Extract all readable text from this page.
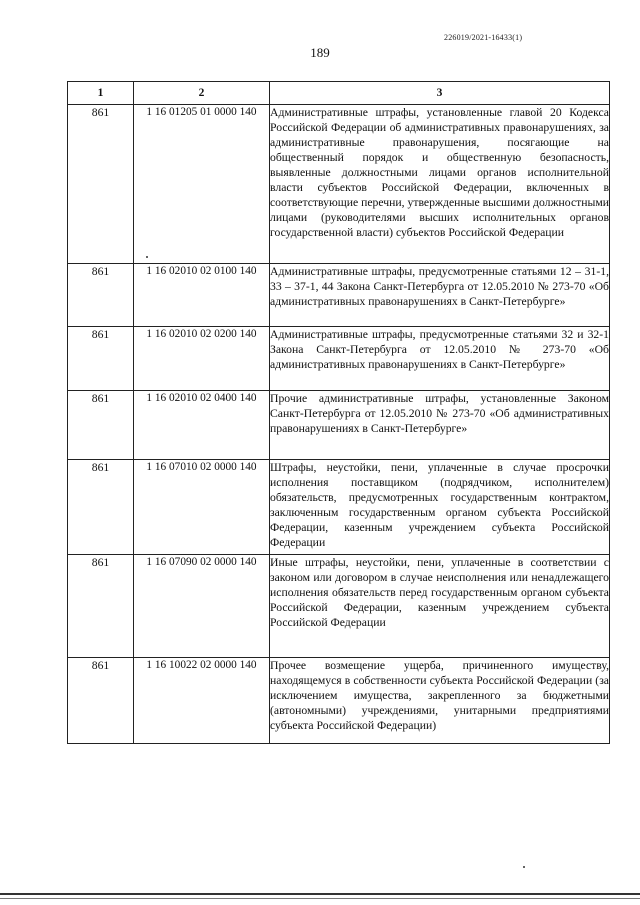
226019/2021-16433(1)
189
1	2	3
861	1 16 01205 01 0000 140	Административные штрафы, установленные главой 20 Кодекса Российской Федерации об административных правонарушениях, за административные правонарушения, посягающие на общественный порядок и общественную безопасность, выявленные должностными лицами органов исполнительной власти субъектов Российской Федерации, включенных в соответствующие перечни, утвержденные высшими должностными лицами (руководителями высших исполнительных органов государственной власти) субъектов Российской Федерации
861	1 16 02010 02 0100 140	Административные штрафы, предусмотренные статьями 12 – 31-1, 33 – 37-1, 44 Закона Санкт-Петербурга от 12.05.2010 № 273-70 «Об административных правонарушениях в Санкт-Петербурге»
861	1 16 02010 02 0200 140	Административные штрафы, предусмотренные статьями 32 и 32-1 Закона Санкт-Петербурга от 12.05.2010 № 273-70 «Об административных правонарушениях в Санкт-Петербурге»
861	1 16 02010 02 0400 140	Прочие административные штрафы, установленные Законом Санкт-Петербурга от 12.05.2010 № 273-70 «Об административных правонарушениях в Санкт-Петербурге»
861	1 16 07010 02 0000 140	Штрафы, неустойки, пени, уплаченные в случае просрочки исполнения поставщиком (подрядчиком, исполнителем) обязательств, предусмотренных государственным контрактом, заключенным государственным органом субъекта Российской Федерации, казенным учреждением субъекта Российской Федерации
861	1 16 07090 02 0000 140	Иные штрафы, неустойки, пени, уплаченные в соответствии с законом или договором в случае неисполнения или ненадлежащего исполнения обязательств перед государственным органом субъекта Российской Федерации, казенным учреждением субъекта Российской Федерации
861	1 16 10022 02 0000 140	Прочее возмещение ущерба, причиненного имуществу, находящемуся в собственности субъекта Российской Федерации (за исключением имущества, закрепленного за бюджетными (автономными) учреждениями, унитарными предприятиями субъекта Российской Федерации)
